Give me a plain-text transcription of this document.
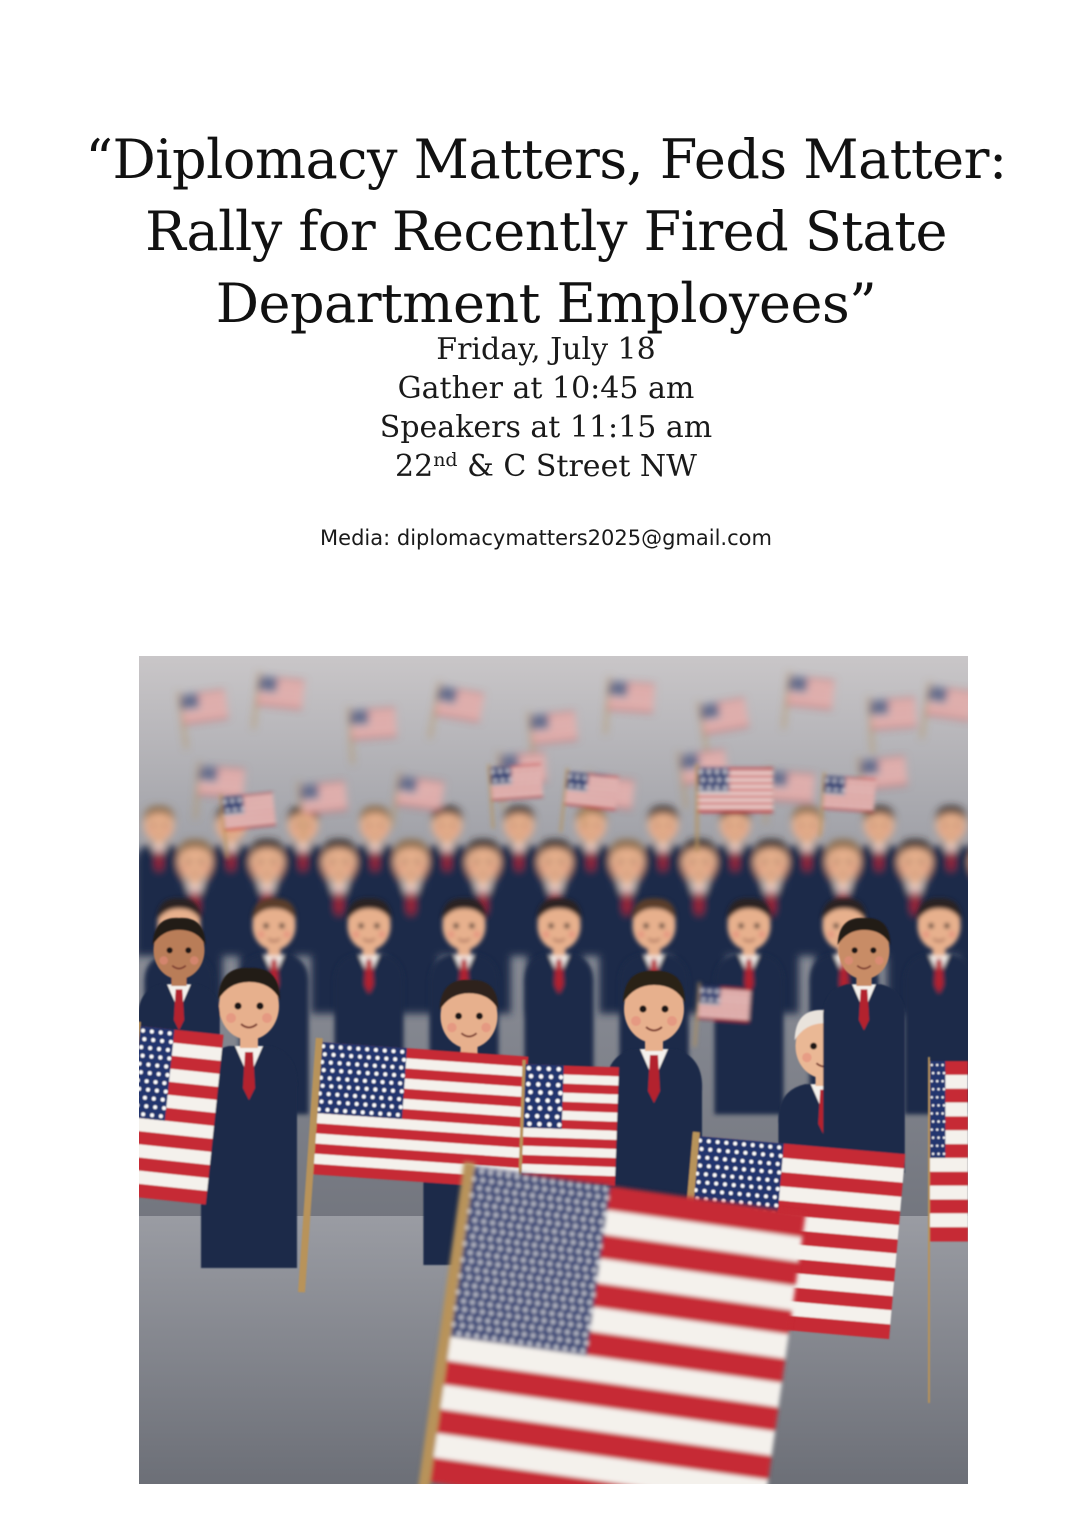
“Diplomacy Matters, Feds Matter:
Rally for Recently Fired State
Department Employees”
Friday, July 18
Gather at 10:45 am
Speakers at 11:15 am
22nd & C Street NW
Media: diplomacymatters2025@gmail.com
